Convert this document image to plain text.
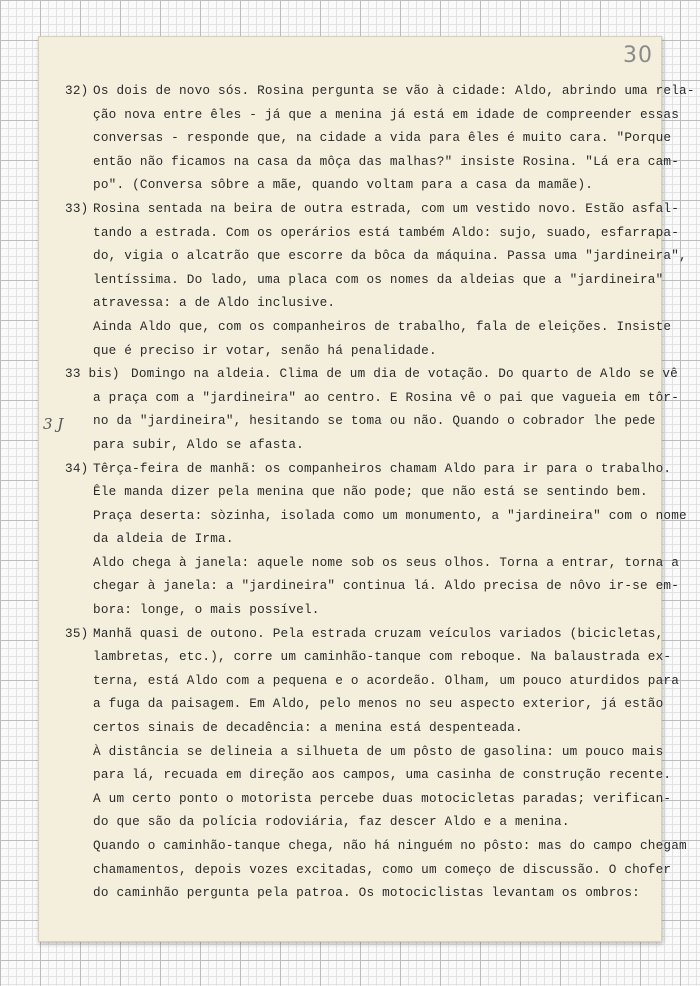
30
3 J
32) Os dois de novo sós. Rosina pergunta se vão à cidade: Aldo, abrindo uma rela-
ção nova entre êles - já que a menina já está em idade de compreender essas
conversas - responde que, na cidade a vida para êles é muito cara. "Porque
então não ficamos na casa da môça das malhas?" insiste Rosina. "Lá era cam-
po". (Conversa sôbre a mãe, quando voltam para a casa da mamãe).
33) Rosina sentada na beira de outra estrada, com um vestido novo. Estão asfal-
tando a estrada. Com os operários está também Aldo: sujo, suado, esfarrapa-
do, vigia o alcatrão que escorre da bôca da máquina. Passa uma "jardineira",
lentíssima. Do lado, uma placa com os nomes da aldeias que a "jardineira"
atravessa: a de Aldo inclusive.
Ainda Aldo que, com os companheiros de trabalho, fala de eleições. Insiste
que é preciso ir votar, senão há penalidade.
33 bis) Domingo na aldeia. Clima de um dia de votação. Do quarto de Aldo se vê
a praça com a "jardineira" ao centro. E Rosina vê o pai que vagueia em tôr-
no da "jardineira", hesitando se toma ou não. Quando o cobrador lhe pede
para subir, Aldo se afasta.
34) Têrça-feira de manhã: os companheiros chamam Aldo para ir para o trabalho.
Êle manda dizer pela menina que não pode; que não está se sentindo bem.
Praça deserta: sòzinha, isolada como um monumento, a "jardineira" com o nome
da aldeia de Irma.
Aldo chega à janela: aquele nome sob os seus olhos. Torna a entrar, torna a
chegar à janela: a "jardineira" continua lá. Aldo precisa de nôvo ir-se em-
bora: longe, o mais possível.
35) Manhã quasi de outono. Pela estrada cruzam veículos variados (bicicletas,
lambretas, etc.), corre um caminhão-tanque com reboque. Na balaustrada ex-
terna, está Aldo com a pequena e o acordeão. Olham, um pouco aturdidos para
a fuga da paisagem. Em Aldo, pelo menos no seu aspecto exterior, já estão
certos sinais de decadência: a menina está despenteada.
À distância se delineia a silhueta de um pôsto de gasolina: um pouco mais
para lá, recuada em direção aos campos, uma casinha de construção recente.
A um certo ponto o motorista percebe duas motocicletas paradas; verifican-
do que são da polícia rodoviária, faz descer Aldo e a menina.
Quando o caminhão-tanque chega, não há ninguém no pôsto: mas do campo chegam
chamamentos, depois vozes excitadas, como um começo de discussão. O chofer
do caminhão pergunta pela patroa. Os motociclistas levantam os ombros:
